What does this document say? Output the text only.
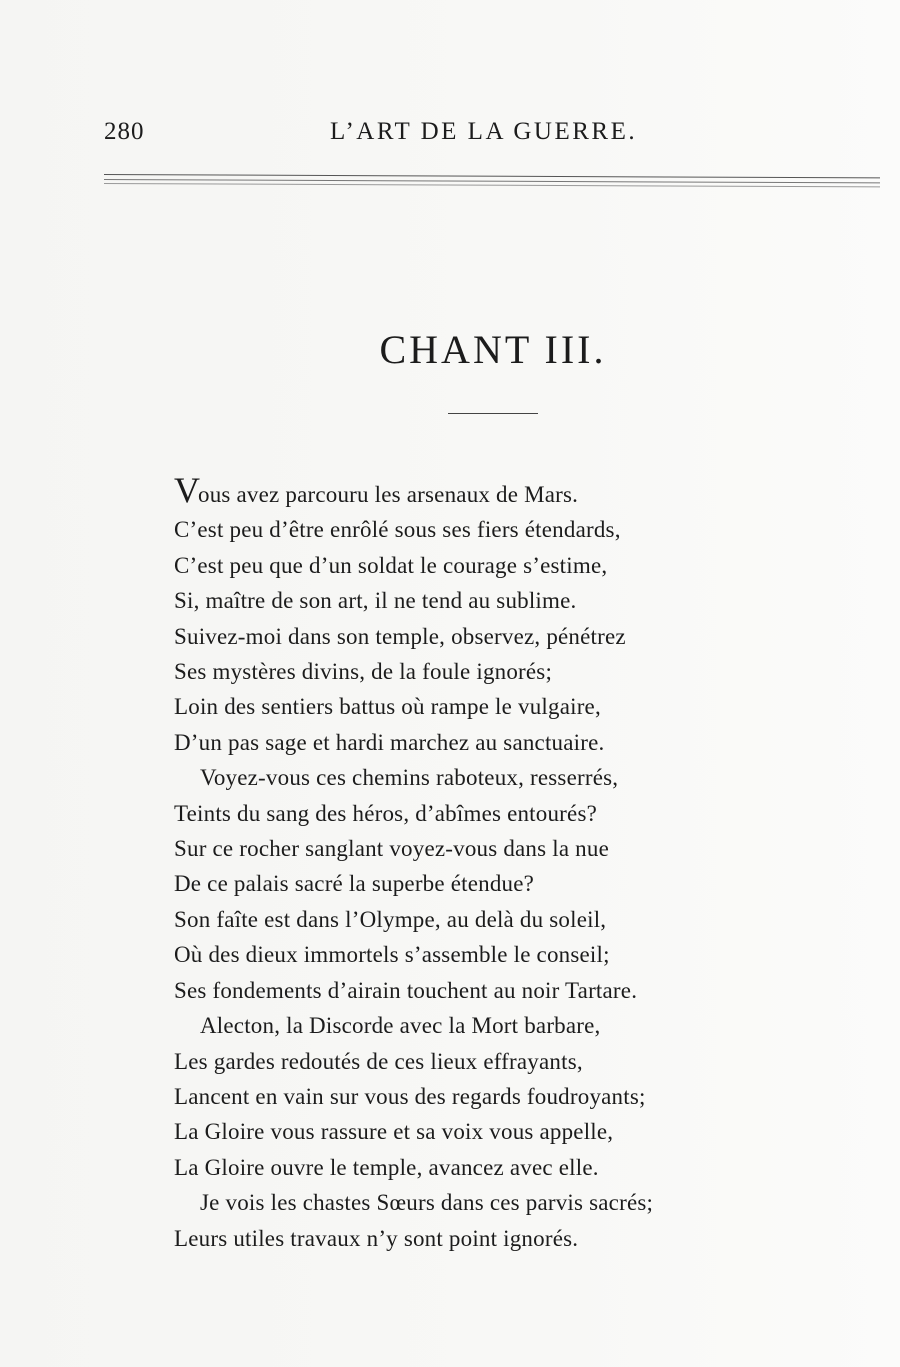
280	L’ART DE LA GUERRE.
CHANT III.
Vous avez parcouru les arsenaux de Mars.
C’est peu d’être enrôlé sous ses fiers étendards,
C’est peu que d’un soldat le courage s’estime,
Si, maître de son art, il ne tend au sublime.
Suivez-moi dans son temple, observez, pénétrez
Ses mystères divins, de la foule ignorés;
Loin des sentiers battus où rampe le vulgaire,
D’un pas sage et hardi marchez au sanctuaire.
Voyez-vous ces chemins raboteux, resserrés,
Teints du sang des héros, d’abîmes entourés?
Sur ce rocher sanglant voyez-vous dans la nue
De ce palais sacré la superbe étendue?
Son faîte est dans l’Olympe, au delà du soleil,
Où des dieux immortels s’assemble le conseil;
Ses fondements d’airain touchent au noir Tartare.
Alecton, la Discorde avec la Mort barbare,
Les gardes redoutés de ces lieux effrayants,
Lancent en vain sur vous des regards foudroyants;
La Gloire vous rassure et sa voix vous appelle,
La Gloire ouvre le temple, avancez avec elle.
Je vois les chastes Sœurs dans ces parvis sacrés;
Leurs utiles travaux n’y sont point ignorés.
